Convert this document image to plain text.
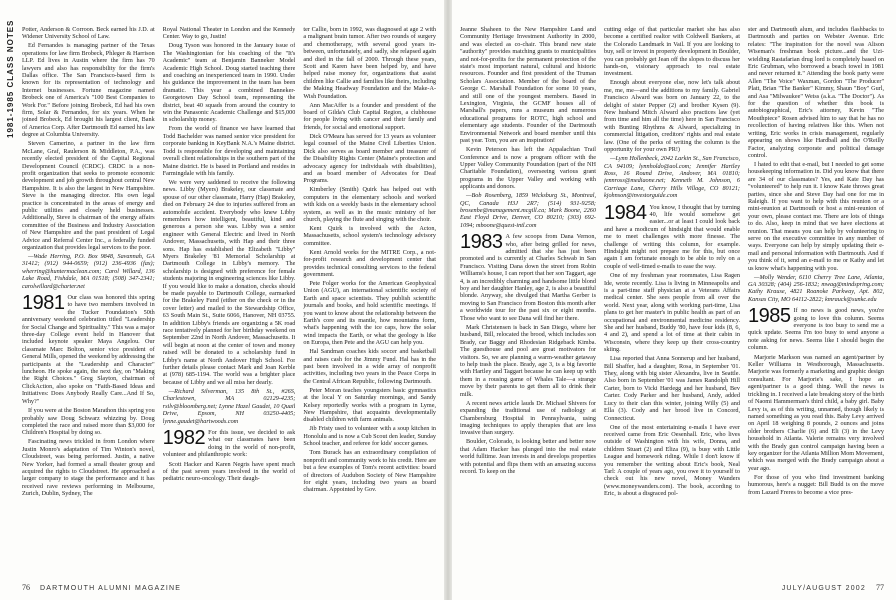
1981-1985 CLASS NOTES	Potter, Anderson & Corroon. Beck earned his J.D. at Widener University School of Law.

Ed Fernandes is managing partner of the Texas operations for law firm Brobeck, Phleger & Harrison LLP. Ed lives in Austin where the firm has 70 lawyers and also has responsibility for the firm's Dallas office. The San Francisco-based firm is known for its representation of technology and Internet businesses. Fortune magazine named Brobeck one of America's "100 Best Companies to Work For." Before joining Brobeck, Ed had his own firm, Solar & Fernandes, for six years. When he joined Brobeck, Ed brought his largest client, Bank of America Corp. After Dartmouth Ed earned his law degree at Columbia University.

Steven Camerino, a partner in the law firm McLane, Graf, Raulerson & Middleton, P.A., was recently elected president of the Capital Regional Development Council (CRDC). CRDC is a non-profit organization that seeks to promote economic development and job growth throughout central New Hampshire. It is also the largest in New Hampshire. Steve is the managing director. His own legal practice is concentrated in the areas of energy and public utilities and closely held businesses. Additionally, Steve is chairman of the energy affairs committee of the Business and Industry Association of New Hampshire and the past president of Legal Advice and Referral Center Inc., a federally funded organization that provides legal services to the poor.

—Wade Herring, P.O. Box 9848, Savannah, GA 31412; (912) 944-0659; (912) 236-4936 (fax); wherring@huntermaclean.com; Carol Willard, 136 Lake Road, Fishdale, MA 01518; (508) 347-2341; carolwillard@charter.net

1981 Our class was honored this spring to have two members involved in the Tucker Foundation's 50th anniversary weekend celebration titled "Leadership for Social Change and Spirituality." This was a major three-day College event held in Hanover that included keynote speaker Maya Angelou. Our classmate Marc Bolton, senior vice president of General Mills, opened the weekend by addressing the participants at the "Leadership and Character" luncheon. He spoke again, the next day, on "Making the Right Choices." Greg Slayton, chairman of ClickAction, also spoke on "Faith-Based Ideas and Initiatives: Does Anybody Really Care...And If So, Why?"

If you were at the Boston Marathon this spring you probably saw Doug Schwarz whizzing by. Doug completed the race and raised more than $3,000 for Children's Hospital by doing so.

Fascinating news trickled in from London where Justin Monro's adaptation of Tim Winton's novel, Cloudstreet, was being performed. Justin, a native New Yorker, had formed a small theater group and acquired the rights to Cloudstreet. He approached a larger company to stage the performance and it has received rave reviews performing in Melbourne, Zurich, Dublin, Sydney, The

Royal National Theater in London and the Kennedy Center. Way to go, Justin!

Doug Tyson was honored in the January issue of The Washingtonian for his coaching of the "It's Academic" team at Benjamin Banneker Model Academic High School. Doug started teaching there and coaching an inexperienced team in 1990. Under his guidance the improvement in the team has been dramatic. This year a combined Banneker-Georgetown Day School team, representing the district, beat 40 squads from around the country to win the Panasonic Academic Challenge and $15,000 in scholarship money.

From the world of finance we have learned that Todd Bachelder was named senior vice president for corporate banking in KeyBank N.A.'s Maine district. Todd is responsible for developing and maintaining overall client relationships in the southern part of the Maine district. He is based in Portland and resides in Farmingdale with his family.

We were very saddened to receive the following news. Libby (Myers) Brakeley, our classmate and spouse of our other classmate, Harry (Hap) Brakeley, died on February 24 due to injuries suffered from an automobile accident. Everybody who knew Libby remembers how intelligent, beautiful, kind and generous a person she was. Libby was a senior engineer with General Electric and lived in North Andover, Massachusetts, with Hap and their three sons. Hap has established the Elizabeth "Libby" Myers Brakeley '81 Memorial Scholarship at Dartmouth College in Libby's memory. The scholarship is designed with preference for female students majoring in engineering sciences like Libby. If you would like to make a donation, checks should be made payable to Dartmouth College, earmarked for the Brakeley Fund (either on the check or in the cover letter) and mailed to the Stewardship Office, 63 South Main St., Suite 6066, Hanover, NH 03755. In addition Libby's friends are organizing a 5K road race tentatively planned for her birthday weekend on September 22nd in North Andover, Massachusetts. It will begin at noon at the center of town and money raised will be donated to a scholarship fund in Libby's name at North Andover High School. For further details please contact Mark and Joan Kerble at (978) 685-1194. The world was a brighter place because of Libby and we all miss her dearly.

—Richard Silverman, 135 8th St., #26S, Charlestown, MA 02129-4235; rsilv@bloomberg.net; Lynne Hazel Gaudet, 10 Quail Drive, Epsom, NH 03250-4405; lynne.gaudet@hartwoods.com

1982 For this issue, we decided to ask what our classmates have been doing in the world of non-profit, volunteer and philanthropic work:

Scott Hacker and Karen Negris have spent much of the past seven years involved in the world of pediatric neuro-oncology. Their daugh-

ter Callie, born in 1992, was diagnosed at age 2 with a malignant brain tumor. After two rounds of surgery and chemotherapy, with several good years in-between, unfortunately, and sadly, she relapsed again and died in the fall of 2000. Through these years, Scott and Karen have been helped by, and have helped raise money for, organizations that assist children like Callie and families like theirs, including the Making Headway Foundation and the Make-A-Wish Foundation.

Ann MacAffer is a founder and president of the board of Gilda's Club Capital Region, a clubhouse for people living with cancer and their family and friends, for social and emotional support.

Dick O'Meara has served for 13 years as volunteer legal counsel of the Maine Civil Liberties Union. Dick also serves as board member and treasurer of the Disability Rights Center (Maine's protection and advocacy agency for individuals with disabilities), and as board member of Advocates for Deaf Programs.

Kimberley (Smith) Quirk has helped out with computers in the elementary schools and worked with kids on a weekly basis in the elementary school system, as well as in the music ministry of her church, playing the flute and singing with the choir.

Kent Quirk is involved with the Acton, Massachusetts, school system's technology advisory committee.

Kent Arnold works for the MITRE Corp., a not-for-profit research and development center that provides technical consulting services to the federal government.

Pete Folger works for the American Geophysical Union (AGU), an international scientific society of Earth and space scientists. They publish scientific journals and books, and hold scientific meetings. If you want to know about the relationship between the Earth's core and its mantle, how mountains form, what's happening with the ice caps, how the solar wind impacts the Earth, or what the geology is like on Europa, then Pete and the AGU can help you.

Hal Sandman coaches kids soccer and basketball and raises cash for the Jimmy Fund. Hal has in the past been involved in a wide array of nonprofit activities, including two years in the Peace Corps in the Central African Republic, following Dartmouth.

Peter Moran teaches youngsters basic gymnastics at the local Y on Saturday mornings, and Sandy Kelsey reportedly works with a program in Lyme, New Hampshire, that acquaints developmentally disabled children with farm animals.

Jib Fristy used to volunteer with a soup kitchen in Honolulu and is now a Cub Scout den leader, Sunday School teacher, and referee for kids' soccer games.

Tom Burack has an extraordinary compilation of nonprofit and community work to his credit. Here are but a few examples of Tom's recent activities: board of directors of Audubon Society of New Hampshire for eight years, including two years as board chairman. Appointed by Gov.

76 DARTMOUTH ALUMNI MAGAZINE

Jeanne Shaheen to the New Hampshire Land and Community Heritage Investment Authority in 2000, and was elected as co-chair. This brand new state "authority" provides matching grants to municipalities and not-for-profits for the permanent protection of the state's most important natural, cultural and historic resources. Founder and first president of the Truman Scholars Association. Member of the board of the George C. Marshall Foundation for some 10 years, and still one of the youngest members. Based in Lexington, Virginia, the GCMF houses all of Marshall's papers, runs a museum and numerous educational programs for ROTC, high school and elementary age students. Founder of the Dartmouth Environmental Network and board member until this past year. Tom, you are an inspiration!

Kevin Peterson has left the Appalachian Trail Conference and is now a program officer with the Upper Valley Community Foundation (part of the NH Charitable Foundation), overseeing various grant programs in the Upper Valley and working with applicants and donors.

—Bob Rosenberg, 1859 Wicksburg St., Montreal, QC, Canada H3J 2R7; (514) 931-9258; brosenbe@management.mcgill.ca; Mark Boone, 2260 East Floyd Drive, Denver, CO 80210; (303) 692-1094; mboone@quest-intl.com

1983 A few scoops from Dana Vernon, who, after being grilled for news, admitted that she has just been promoted and is currently at Charles Schwab in San Francisco. Visiting Dana down the street from Robin Williams's house, I can report that her son Taggart, age 4, is an incredibly charming and handsome little blond boy and her daughter Hanley, age 2, is also a beautiful blonde. Anyway, she divulged that Martha Gerber is moving to San Francisco from Boston this month after a worldwide tour for the past six or eight months. Those who want to see Dana will find her there.

Mark Christensen is back in San Diego, where her husband, Bill, relocated the brood, which includes son Brady, car Baggy and Rhodesian Ridgeback Kimba. The guesthouse and pool are great motivators for visitors. So, we are planning a warm-weather getaway to help trash the place. Brady, age 3, is a big favorite with Hartley and Taggart because he can keep up with them in a rousing game of Whales Tale—a strange move by their parents to get them all to drink their milk.

A recent news article lauds Dr. Michael Shivers for expanding the traditional use of radiology at Chambersburg Hospital in Pennsylvania, using imaging techniques to apply therapies that are less invasive than surgery.

Boulder, Colorado, is looking better and better now that Adam Hacker has plunged into the real estate world fulltime. Jean invests in and develops properties with potential and flips them with an amazing success record. To keep on the

cutting edge of that particular market she has also become a certified realtor with Coldwell Bankers, at the Colorado Landmark in Vail. If you are looking to buy, sell or invest in property development in Boulder, you can probably get Jean off the slopes to discuss her hands-on, visionary approach to real estate investment.

Enough about everyone else, now let's talk about me, me, me—and the additions to my family. Gabriel Francisco Alward was born on January 22, to the delight of sister Pepper (2) and brother Kysen (9). New husband Mitch Alward also practices law (yet from time and him all the time) here in San Francisco with Bunting Rhythms & Alward, specializing in commercial litigation, creditors' rights and real estate law. (One of the perks of writing the column is the opportunity for your own PR!)

—Lynn Hollenbeck, 2042 Larkin St., San Francisco, CA 94109; lynnholdo@aol.com; Jennifer Hartley Ross, 16 Round Drive, Andover, MA 01810; jennross@mediaone.net; Kenneth M. Johnson, 6 Carriage Lane, Cherry Hills Village, CO 80121; kjohnson@investorguide.com

1984 You know, I thought that by turning 40, life would somehow get easier...or at least I could look back and have a modicum of hindsight that would enable me to meet challenges with more finesse. The challenge of writing this column, for example. Hindsight might not prepare me for this, but once again I am fortunate enough to be able to rely on a couple of well-timed e-mails to ease the way.

One of my freshman year roommates, Lisa Ragen Ide, wrote recently. Lisa is living in Minneapolis and is a part-time staff physician at a Veterans Affairs medical center. She sees people from all over the world. Next year, along with working part-time, Lisa plans to get her master's in public health as part of an occupational and environmental medicine residency. She and her husband, Buddy '80, have four kids (8, 6, 4 and 2), and spend a lot of time at their cabin in Wisconsin, where they keep up their cross-country skiing.

Lisa reported that Anna Sonnerup and her husband, Bill Shaffer, had a daughter, Rosa, in September '01. They, along with big sister Alexandra, live in Seattle. Also born in September '01 was James Randolph Hill Carter, born to Vicki Hardegg and her husband, Bev Carter. Cody Parker and her husband, Andy, added Lucy to their clan this winter, joining Willy (5) and Ella (3). Cody and her brood live in Concord, Connecticut.

One of the most entertaining e-mails I have ever received came from Eric Oesenhall. Eric, who lives outside of Washington with his wife, Donna, and children Stuart (2) and Eliza (9), is busy with Little League and homework riding. While I don't know if you remember the writing about Eric's book, Neal Tarl: A couple of years ago, you owe it to yourself to check out his new novel, Money Wanders (www.moneywanders.com). The book, according to Eric, is about a disgraced pol-

ster and Dartmouth alum, and includes flashbacks to Dartmouth and parties on Webster Avenue. Eric relates: "The inspiration for the novel was Alison Wiseman's freshman book picture...and the Uzi-wielding Rastafarian drug lord is completely based on Eric Grubman, who borrowed a beach towel in 1981 and never returned it." Attending the book party were Allen "The Voice" Waxman, Gordon "The Producer" Platt, Brian "The Banker" Kimmy, Shaun "Boy" Gurl, and Asa "Milwaukee" Weiss (a.k.a. "The Doctor"). As for the question of whether this book is autobiographical, Eric's attorney, Kevin "The Mouthpiece" Rosen advised him to say that he has no recollection of having relatives like this. When not writing, Eric works in crisis management, regularly appearing on shows like Hardball and the O'Reilly Factor, analyzing corporate and political damage control.

I hated to edit that e-mail, but I needed to get some housekeeping information in. Did you know that there are 34 of our classmates? Yes, and Kate Day has "volunteered" to help run it. I know Kate throws great parties, since she and Steve Day had one for me in Raleigh. If you want to help with this reunion or a mini-reunion at Dartmouth or host a mini-reunion of your own, please contact me. There are lots of things to do. Also, keep in mind that we have elections at reunion. That means you can help by volunteering to serve on the executive committee in any number of ways. Everyone can help by simply updating their e-mail and personal information with Dartmouth. And if you think of it, send an e-mail to me or Kathy and let us know what's happening with you.

—Molly Wender, 6110 Cherry Tree Lane, Atlanta, GA 30328; (404) 256-1832; mwag@mindspring.com; Kathy Krause, 4821 Roanoke Parkway, Apt. 802, Kansas City, MO 64112-2822; kmrauck@sunkc.edu

1985 If no news is good news, you're going to love this column. Seems everyone is too busy to send me a quick update. Seems I'm too busy to send anyone a note asking for news. Seems like I should begin the column.

Marjorie Markson was named an agent/partner by Keller Williams in Westborough, Massachusetts. Marjorie was formerly a marketing and graphic design consultant. For Marjorie's sake, I hope an agent/partner is a good thing. Well the news is trickling in. I received a late breaking story of the birth of Naomi Hammerman's third child, a baby girl. Baby Levy is, as of this writing, unnamed, though likely is named something as you read this. Baby Levy arrived on April 18 weighing 8 pounds, 2 ounces and joins older brothers Charlie (6) and Eli (3) in the Levy household in Atlanta. Valerie remains very involved with the Brady gun control campaign having been a key organizer for the Atlanta Million Mom Movement, which was merged with the Brady campaign about a year ago.

For those of you who find investment banking humorous, here's a nugget: Bill Budd is on the move from Lazard Freres to become a vice pres-

JULY/AUGUST 2002 77
